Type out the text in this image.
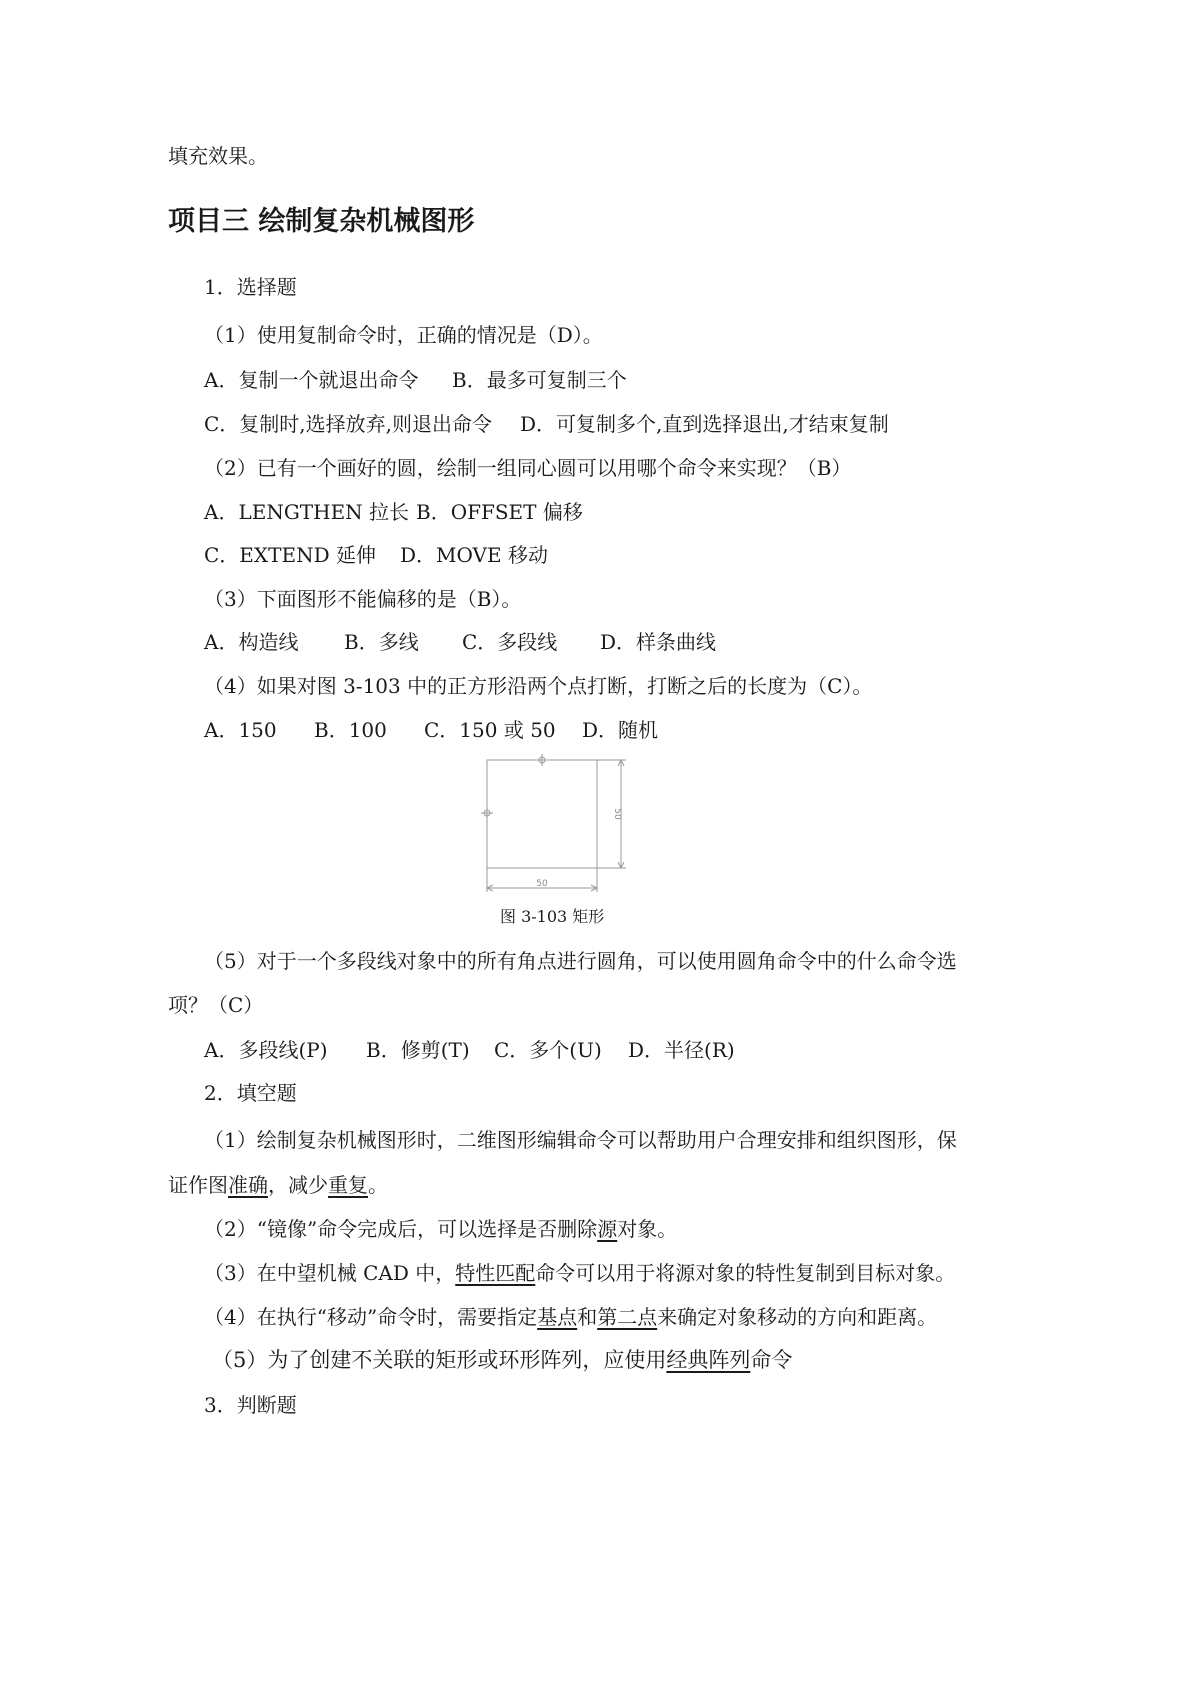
填充效果。
项目三 绘制复杂机械图形
1．选择题
（1）使用复制命令时，正确的情况是（D）。
A．复制一个就退出命令 B．最多可复制三个
C．复制时,选择放弃,则退出命令 D．可复制多个,直到选择退出,才结束复制
（2）已有一个画好的圆，绘制一组同心圆可以用哪个命令来实现？（B）
A．LENGTHEN 拉长 B．OFFSET 偏移
C．EXTEND 延伸 D．MOVE 移动
（3）下面图形不能偏移的是（B）。
A．构造线 B．多线 C．多段线 D．样条曲线
（4）如果对图 3-103 中的正方形沿两个点打断，打断之后的长度为（C）。
A．150 B．100 C．150 或 50 D．随机
50
50
图 3-103 矩形
（5）对于一个多段线对象中的所有角点进行圆角，可以使用圆角命令中的什么命令选
项？（C）
A．多段线(P) B．修剪(T) C．多个(U) D．半径(R)
2．填空题
（1）绘制复杂机械图形时，二维图形编辑命令可以帮助用户合理安排和组织图形，保
证作图准确，减少重复。
（2）“镜像”命令完成后，可以选择是否删除源对象。
（3）在中望机械 CAD 中，特性匹配命令可以用于将源对象的特性复制到目标对象。
（4）在执行“移动”命令时，需要指定基点和第二点来确定对象移动的方向和距离。
（5）为了创建不关联的矩形或环形阵列，应使用经典阵列命令
3．判断题
